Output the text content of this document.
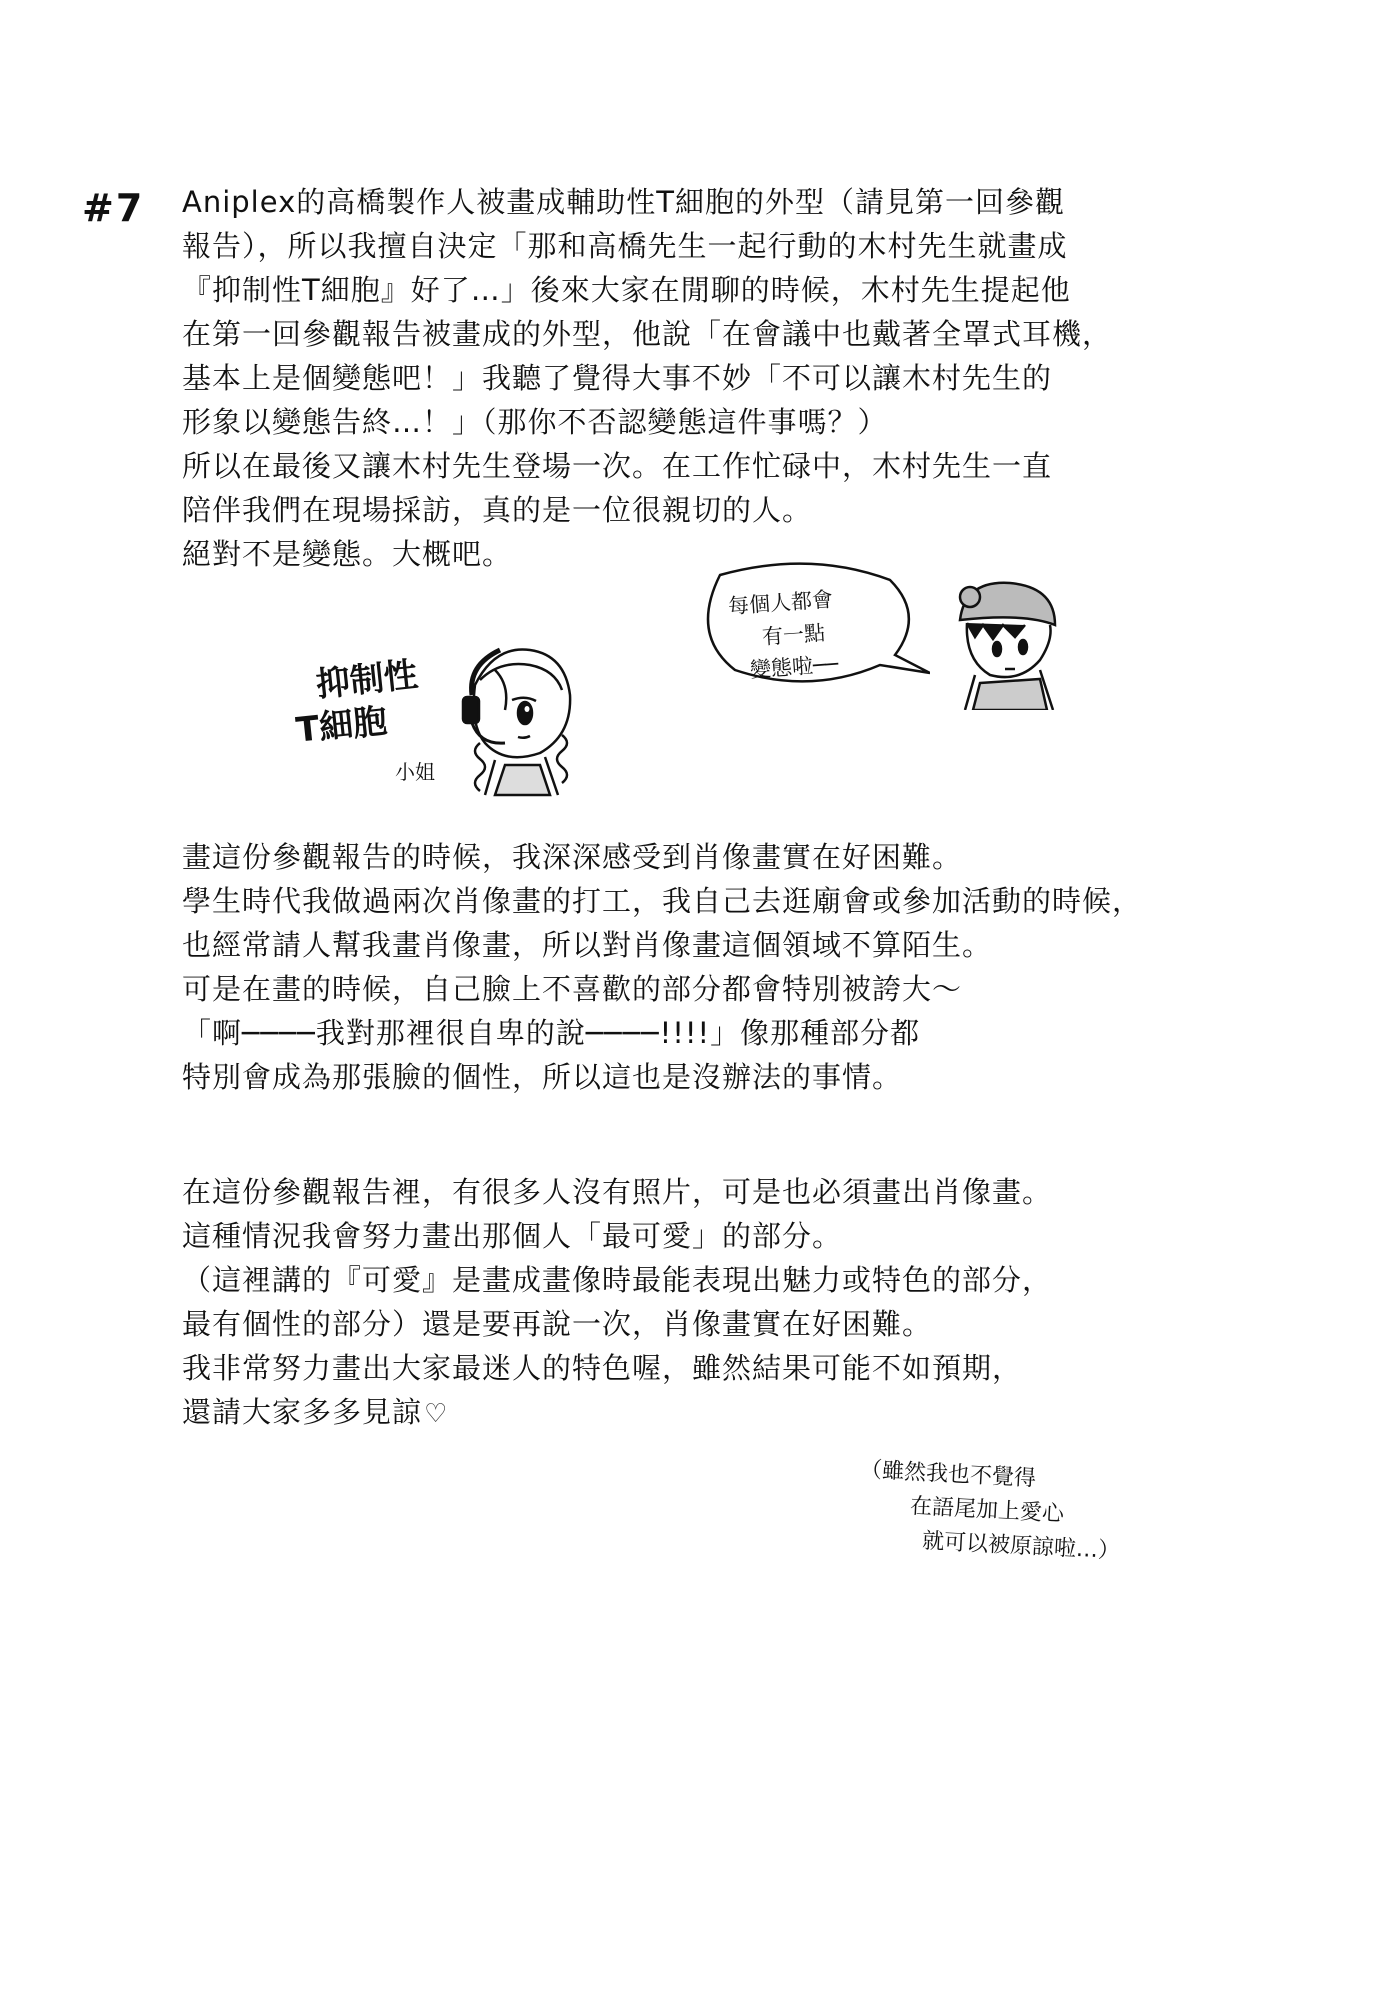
#7 Aniplex的高橋製作人被畫成輔助性T細胞的外型（請見第一回參觀
報告），所以我擅自決定「那和高橋先生一起行動的木村先生就畫成
『抑制性T細胞』好了…」後來大家在閒聊的時候，木村先生提起他
在第一回參觀報告被畫成的外型，他說「在會議中也戴著全罩式耳機，
基本上是個變態吧！」我聽了覺得大事不妙「不可以讓木村先生的
形象以變態告終…！」（那你不否認變態這件事嗎？）
所以在最後又讓木村先生登場一次。在工作忙碌中，木村先生一直
陪伴我們在現場採訪，真的是一位很親切的人。
絕對不是變態。大概吧。
抑制性
T細胞
小姐
每個人都會
有一點
變態啦──
畫這份參觀報告的時候，我深深感受到肖像畫實在好困難。
學生時代我做過兩次肖像畫的打工，我自己去逛廟會或參加活動的時候，
也經常請人幫我畫肖像畫，所以對肖像畫這個領域不算陌生。
可是在畫的時候，自己臉上不喜歡的部分都會特別被誇大～
「啊────我對那裡很自卑的說────!!!!」像那種部分都
特別會成為那張臉的個性，所以這也是沒辦法的事情。
在這份參觀報告裡，有很多人沒有照片，可是也必須畫出肖像畫。
這種情況我會努力畫出那個人「最可愛」的部分。
（這裡講的『可愛』是畫成畫像時最能表現出魅力或特色的部分，
最有個性的部分）還是要再說一次，肖像畫實在好困難。
我非常努力畫出大家最迷人的特色喔，雖然結果可能不如預期，
還請大家多多見諒♡
（雖然我也不覺得
在語尾加上愛心
就可以被原諒啦…）
